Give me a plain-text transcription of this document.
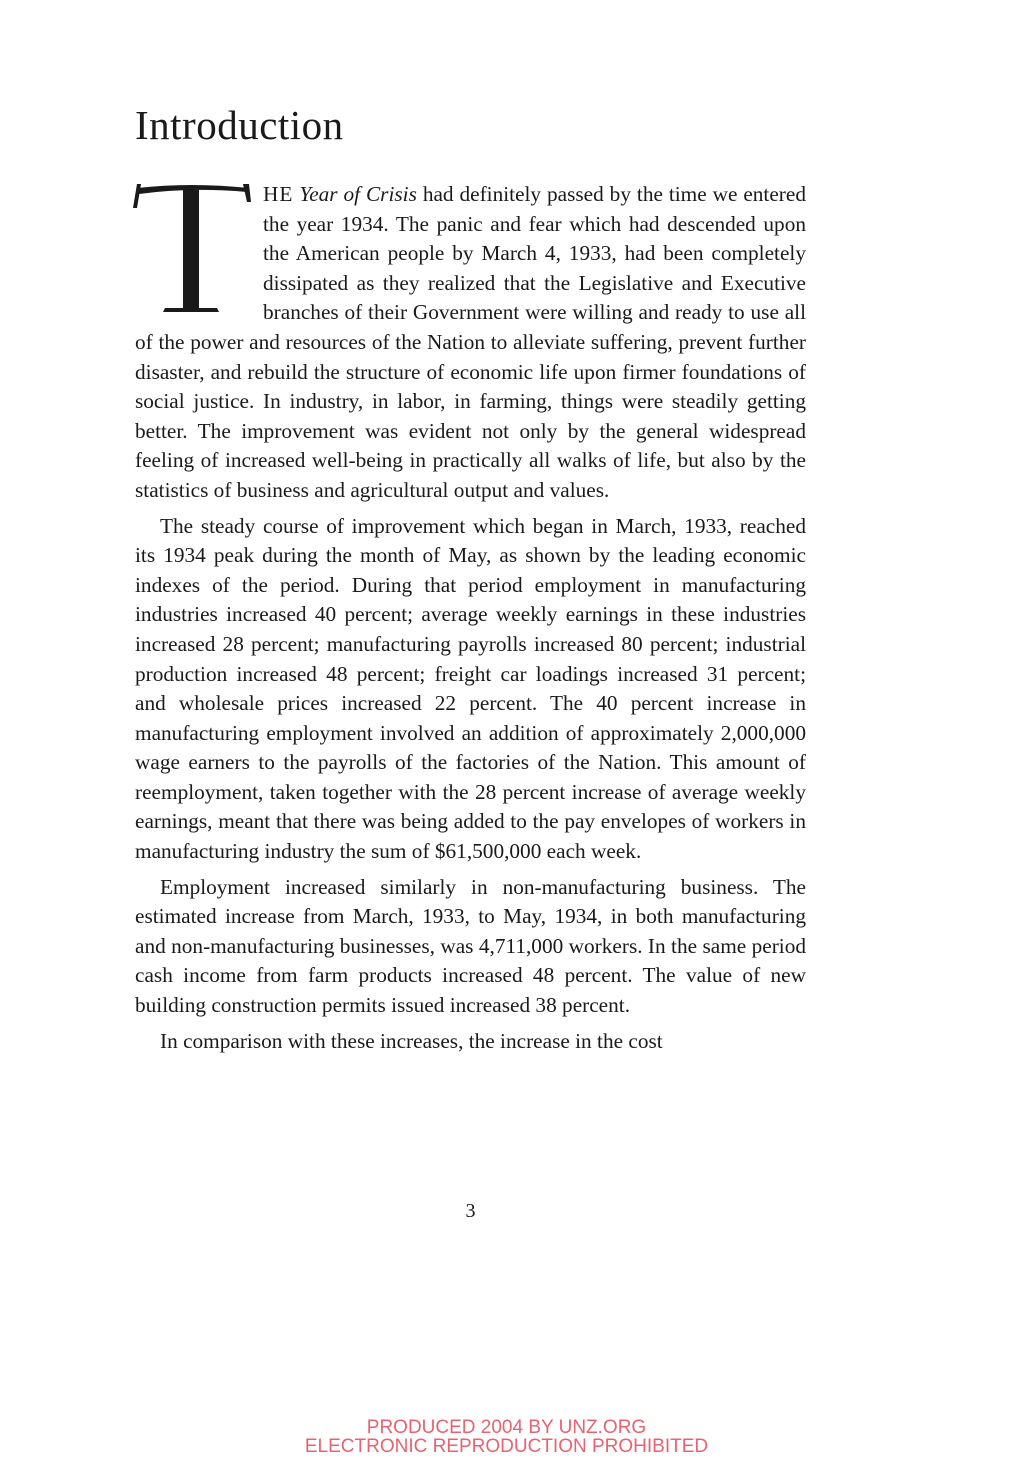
Introduction

HE Year of Crisis had definitely passed by the time we entered the year 1934. The panic and fear which had descended upon the American people by March 4, 1933, had been completely dissipated as they realized that the Legislative and Executive branches of their Government were willing and ready to use all of the power and resources of the Nation to alleviate suffering, prevent further disaster, and rebuild the structure of economic life upon firmer foundations of social justice. In industry, in labor, in farming, things were steadily getting better. The improvement was evident not only by the general widespread feeling of increased well-being in practically all walks of life, but also by the statistics of business and agricultural output and values.

The steady course of improvement which began in March, 1933, reached its 1934 peak during the month of May, as shown by the leading economic indexes of the period. During that period employment in manufacturing industries increased 40 percent; average weekly earnings in these industries increased 28 percent; manufacturing payrolls increased 80 percent; industrial production increased 48 percent; freight car loadings increased 31 percent; and wholesale prices increased 22 percent. The 40 percent increase in manufacturing employment involved an addition of approximately 2,000,000 wage earners to the payrolls of the factories of the Nation. This amount of reemployment, taken together with the 28 percent increase of average weekly earnings, meant that there was being added to the pay envelopes of workers in manufacturing industry the sum of $61,500,000 each week.

Employment increased similarly in non-manufacturing business. The estimated increase from March, 1933, to May, 1934, in both manufacturing and non-manufacturing businesses, was 4,711,000 workers. In the same period cash income from farm products increased 48 percent. The value of new building construction permits issued increased 38 percent.

In comparison with these increases, the increase in the cost

3
PRODUCED 2004 BY UNZ.ORG
ELECTRONIC REPRODUCTION PROHIBITED
